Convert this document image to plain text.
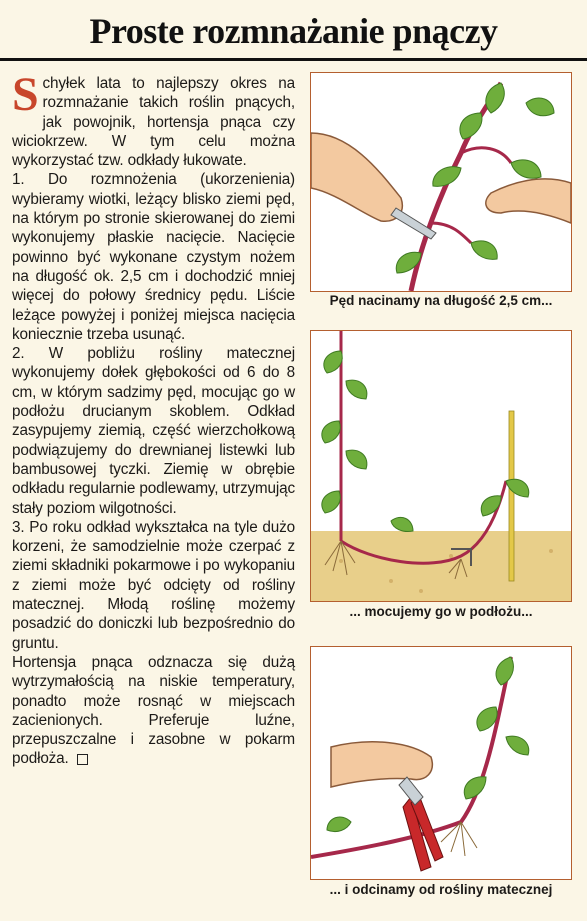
Proste rozmnażanie pnączy

Schyłek lata to najlepszy okres na rozmnażanie takich roślin pnących, jak powojnik, hortensja pnąca czy wiciokrzew. W tym celu można wykorzystać tzw. odkłady łukowate.

1. Do rozmnożenia (ukorzenienia) wybieramy wiotki, leżący blisko ziemi pęd, na którym po stronie skierowanej do ziemi wykonujemy płaskie nacięcie. Nacięcie powinno być wykonane czystym nożem na długość ok. 2,5 cm i dochodzić mniej więcej do połowy średnicy pędu. Liście leżące powyżej i poniżej miejsca nacięcia koniecznie trzeba usunąć.

2. W pobliżu rośliny matecznej wykonujemy dołek głębokości od 6 do 8 cm, w którym sadzimy pęd, mocując go w podłożu drucianym skoblem. Odkład zasypujemy ziemią, część wierzchołkową podwiązujemy do drewnianej listewki lub bambusowej tyczki. Ziemię w obrębie odkładu regularnie podlewamy, utrzymując stały poziom wilgotności.

3. Po roku odkład wykształca na tyle dużo korzeni, że samodzielnie może czerpać z ziemi składniki pokarmowe i po wykopaniu z ziemi może być odcięty od rośliny matecznej. Młodą roślinę możemy posadzić do doniczki lub bezpośrednio do gruntu.

Hortensja pnąca odznacza się dużą wytrzymałością na niskie temperatury, ponadto może rosnąć w miejscach zacienionych. Preferuje luźne, przepuszczalne i zasobne w pokarm podłoża.

Pęd nacinamy na długość 2,5 cm...
... mocujemy go w podłożu...
... i odcinamy od rośliny matecznej
